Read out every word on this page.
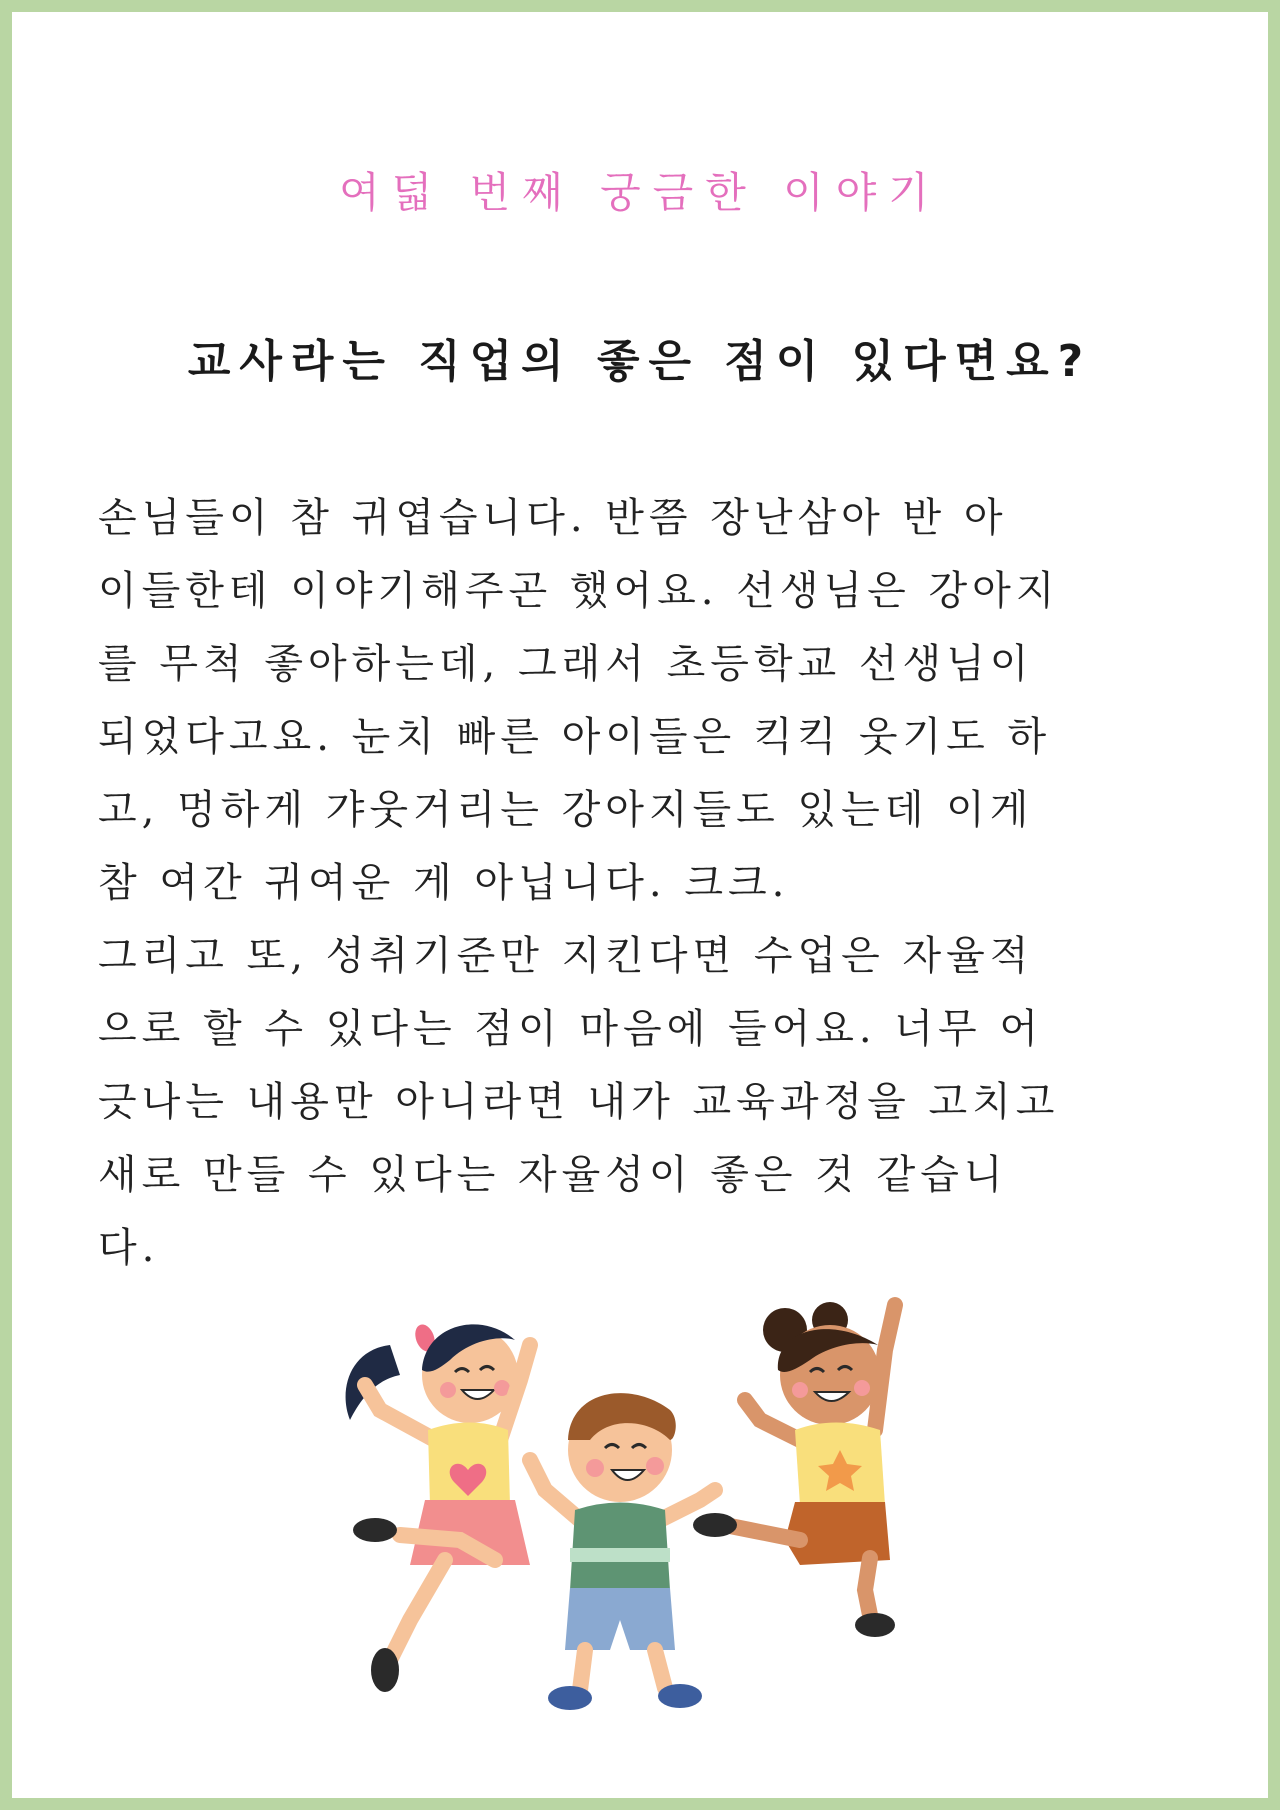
여덟 번째 궁금한 이야기
교사라는 직업의 좋은 점이 있다면요?
손님들이 참 귀엽습니다. 반쯤 장난삼아 반 아
이들한테 이야기해주곤 했어요. 선생님은 강아지
를 무척 좋아하는데, 그래서 초등학교 선생님이
되었다고요. 눈치 빠른 아이들은 킥킥 웃기도 하
고, 멍하게 갸웃거리는 강아지들도 있는데 이게
참 여간 귀여운 게 아닙니다. 크크.
그리고 또, 성취기준만 지킨다면 수업은 자율적
으로 할 수 있다는 점이 마음에 들어요. 너무 어
긋나는 내용만 아니라면 내가 교육과정을 고치고
새로 만들 수 있다는 자율성이 좋은 것 같습니
다.
